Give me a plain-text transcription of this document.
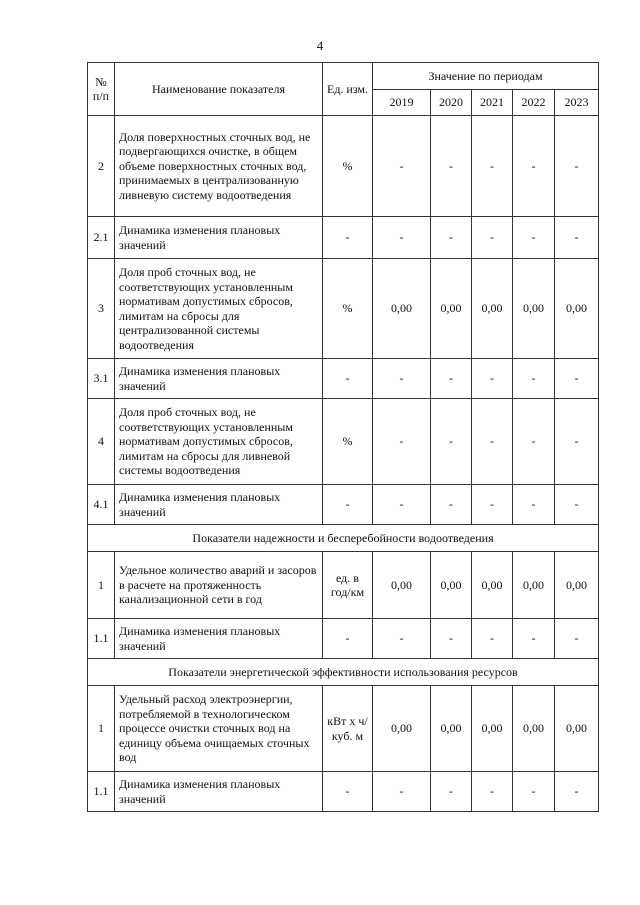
4
№ п/п	Наименование показателя	Ед. изм.	Значение по периодам				
			2019	2020	2021	2022	2023
2	Доля поверхностных сточных вод, не подвергающихся очистке, в общем объеме поверхностных сточных вод, принимаемых в централизованную ливневую систему водоотведения	%	-	-	-	-	-
2.1	Динамика изменения плановых значений	-	-	-	-	-	-
3	Доля проб сточных вод, не соответствующих установленным нормативам допустимых сбросов, лимитам на сбросы для централизованной системы водоотведения	%	0,00	0,00	0,00	0,00	0,00
3.1	Динамика изменения плановых значений	-	-	-	-	-	-
4	Доля проб сточных вод, не соответствующих установленным нормативам допустимых сбросов, лимитам на сбросы для ливневой системы водоотведения	%	-	-	-	-	-
4.1	Динамика изменения плановых значений	-	-	-	-	-	-
Показатели надежности и бесперебойности водоотведения							
1	Удельное количество аварий и засоров в расчете на протяженность канализационной сети в год	ед. в год/км	0,00	0,00	0,00	0,00	0,00
1.1	Динамика изменения плановых значений	-	-	-	-	-	-
Показатели энергетической эффективности использования ресурсов							
1	Удельный расход электроэнергии, потребляемой в технологическом процессе очистки сточных вод на единицу объема очищаемых сточных вод	кВт х ч/куб. м	0,00	0,00	0,00	0,00	0,00
1.1	Динамика изменения плановых значений	-	-	-	-	-	-
